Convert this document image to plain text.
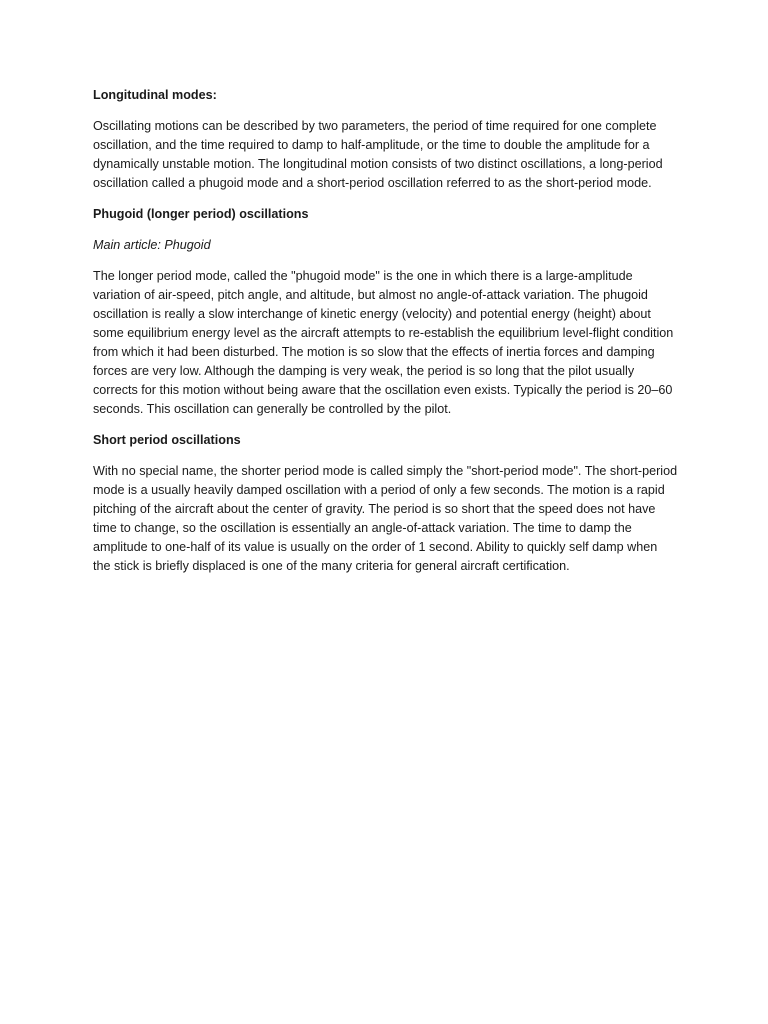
Longitudinal modes:

Oscillating motions can be described by two parameters, the period of time required for one complete oscillation, and the time required to damp to half-amplitude, or the time to double the amplitude for a dynamically unstable motion. The longitudinal motion consists of two distinct oscillations, a long-period oscillation called a phugoid mode and a short-period oscillation referred to as the short-period mode.

Phugoid (longer period) oscillations

Main article: Phugoid

The longer period mode, called the "phugoid mode" is the one in which there is a large-amplitude variation of air-speed, pitch angle, and altitude, but almost no angle-of-attack variation. The phugoid oscillation is really a slow interchange of kinetic energy (velocity) and potential energy (height) about some equilibrium energy level as the aircraft attempts to re-establish the equilibrium level-flight condition from which it had been disturbed. The motion is so slow that the effects of inertia forces and damping forces are very low. Although the damping is very weak, the period is so long that the pilot usually corrects for this motion without being aware that the oscillation even exists. Typically the period is 20–60 seconds. This oscillation can generally be controlled by the pilot.

Short period oscillations

With no special name, the shorter period mode is called simply the "short-period mode". The short-period mode is a usually heavily damped oscillation with a period of only a few seconds. The motion is a rapid pitching of the aircraft about the center of gravity. The period is so short that the speed does not have time to change, so the oscillation is essentially an angle-of-attack variation. The time to damp the amplitude to one-half of its value is usually on the order of 1 second. Ability to quickly self damp when the stick is briefly displaced is one of the many criteria for general aircraft certification.
